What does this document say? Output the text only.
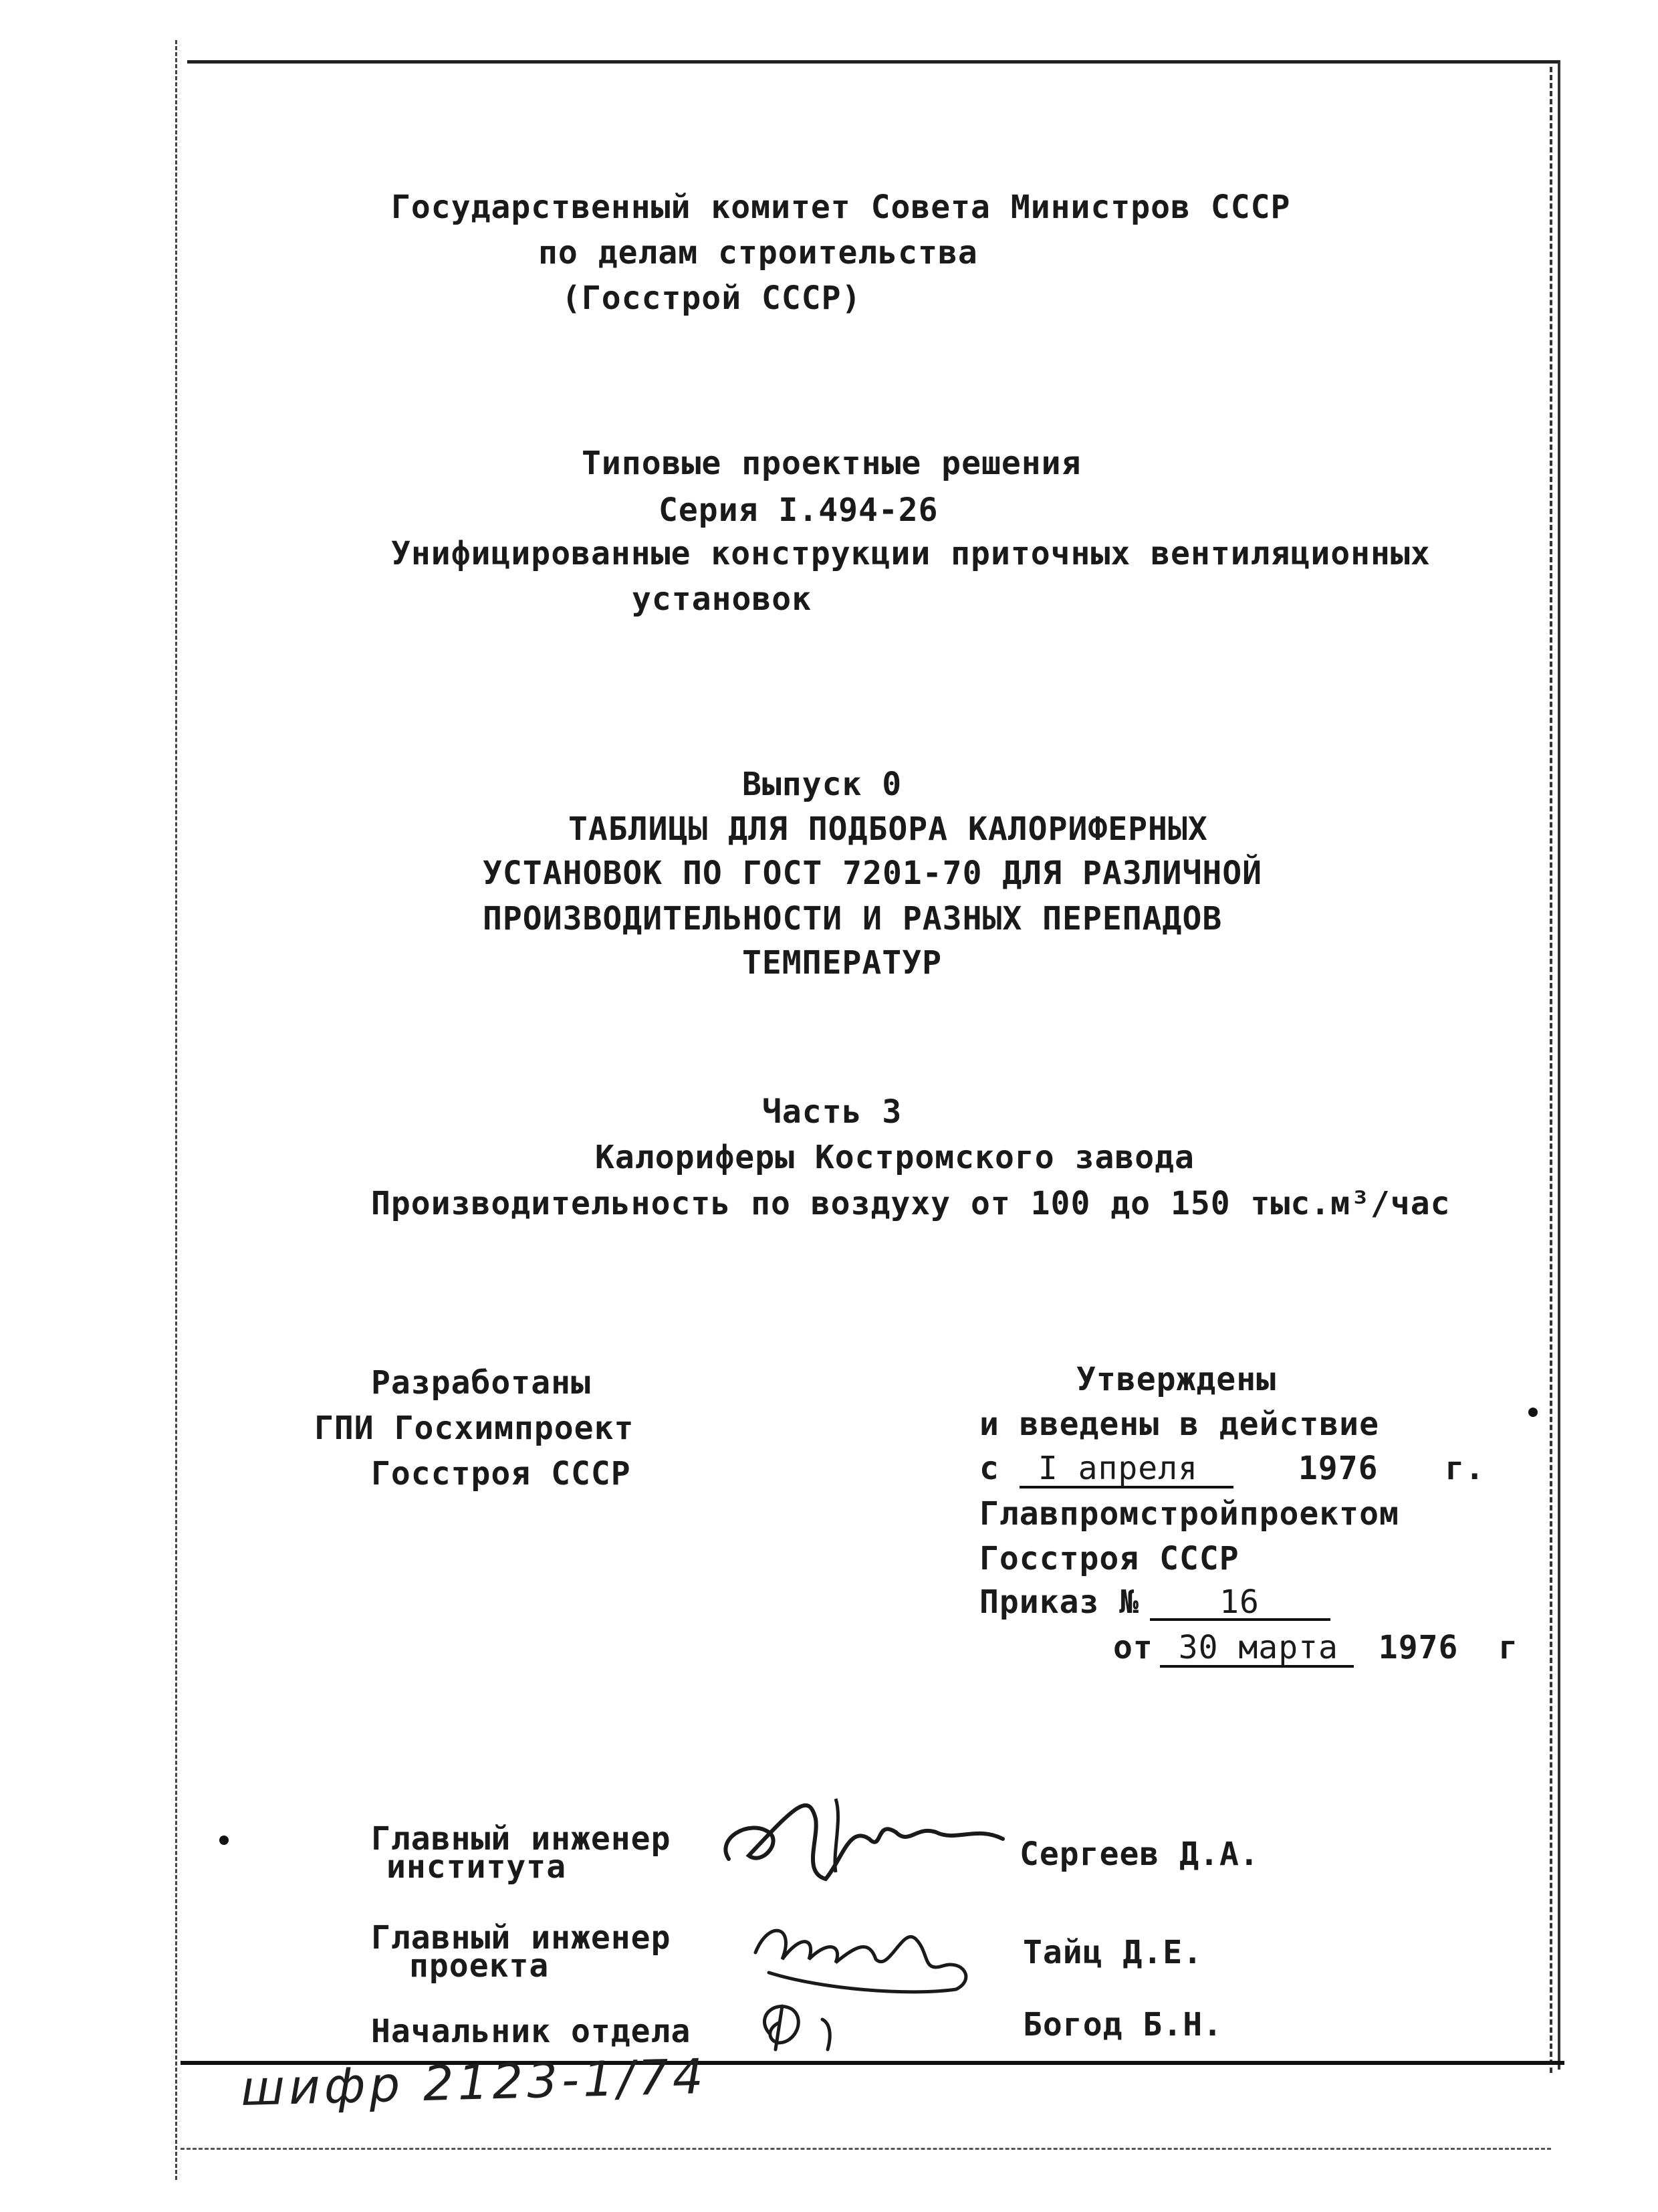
Государственный комитет Совета Министров СССР
по делам строительства
(Госстрой СССР)
Типовые проектные решения
Серия I.494-26
Унифицированные конструкции приточных вентиляционных
установок
Выпуск 0
ТАБЛИЦЫ ДЛЯ ПОДБОРА КАЛОРИФЕРНЫХ
УСТАНОВОК ПО ГОСТ 7201-70 ДЛЯ РАЗЛИЧНОЙ
ПРОИЗВОДИТЕЛЬНОСТИ И РАЗНЫХ ПЕРЕПАДОВ
ТЕМПЕРАТУР
Часть 3
Калориферы Костромского завода
Производительность по воздуху от 100 до 150 тыс.м³/час
Разработаны
ГПИ Госхимпроект
Госстроя СССР
Утверждены
и введены в действие
с I апреля	1976 г.
Главпромстройпроектом
Госстроя СССР
Приказ № 16
от 30 марта 1976 г
Главный инженер
института	Сергеев Д.А.
Главный инженер
проекта	Тайц Д.Е.
Начальник отдела	Богод Б.Н.
шифр 2123-1/74
